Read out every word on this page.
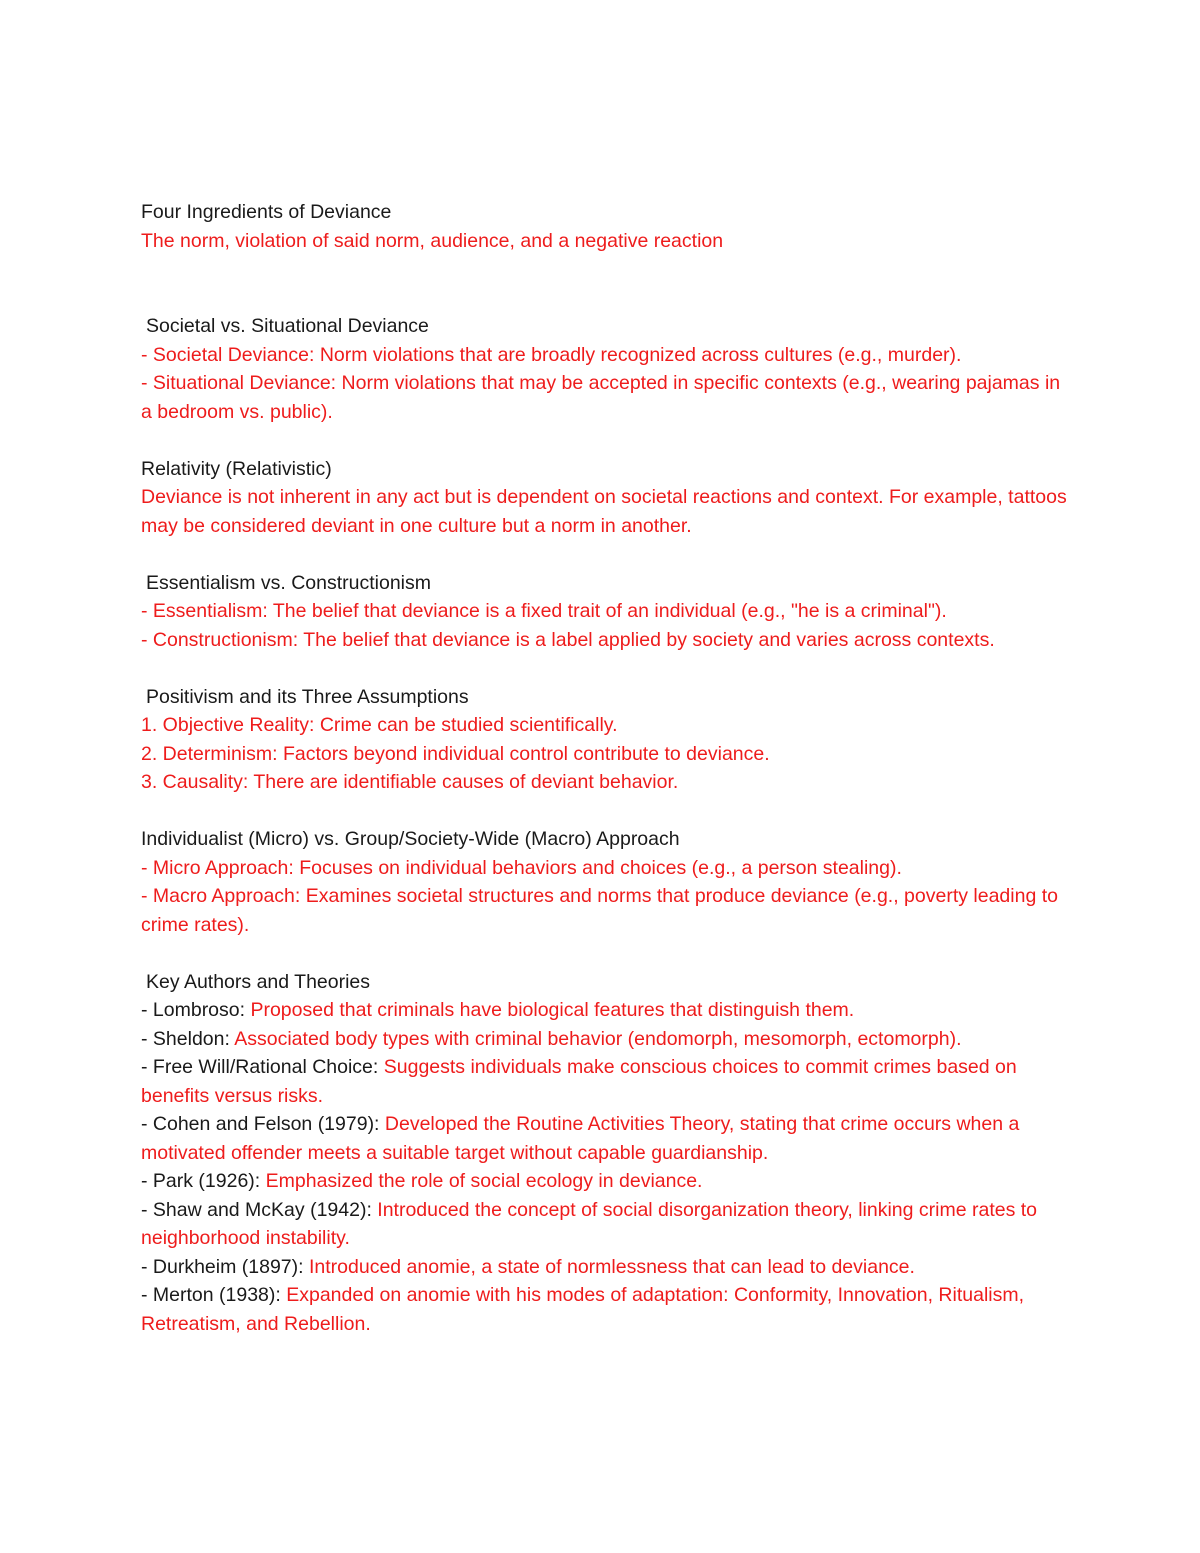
Four Ingredients of Deviance
The norm, violation of said norm, audience, and a negative reaction
Societal vs. Situational Deviance
- Societal Deviance: Norm violations that are broadly recognized across cultures (e.g., murder).
- Situational Deviance: Norm violations that may be accepted in specific contexts (e.g., wearing pajamas in a bedroom vs. public).
Relativity (Relativistic)
Deviance is not inherent in any act but is dependent on societal reactions and context. For example, tattoos may be considered deviant in one culture but a norm in another.
Essentialism vs. Constructionism
- Essentialism: The belief that deviance is a fixed trait of an individual (e.g., "he is a criminal").
- Constructionism: The belief that deviance is a label applied by society and varies across contexts.
Positivism and its Three Assumptions
1. Objective Reality: Crime can be studied scientifically.
2. Determinism: Factors beyond individual control contribute to deviance.
3. Causality: There are identifiable causes of deviant behavior.
Individualist (Micro) vs. Group/Society-Wide (Macro) Approach
- Micro Approach: Focuses on individual behaviors and choices (e.g., a person stealing).
- Macro Approach: Examines societal structures and norms that produce deviance (e.g., poverty leading to crime rates).
Key Authors and Theories
- Lombroso: Proposed that criminals have biological features that distinguish them.
- Sheldon: Associated body types with criminal behavior (endomorph, mesomorph, ectomorph).
- Free Will/Rational Choice: Suggests individuals make conscious choices to commit crimes based on benefits versus risks.
- Cohen and Felson (1979): Developed the Routine Activities Theory, stating that crime occurs when a motivated offender meets a suitable target without capable guardianship.
- Park (1926): Emphasized the role of social ecology in deviance.
- Shaw and McKay (1942): Introduced the concept of social disorganization theory, linking crime rates to neighborhood instability.
- Durkheim (1897): Introduced anomie, a state of normlessness that can lead to deviance.
- Merton (1938): Expanded on anomie with his modes of adaptation: Conformity, Innovation, Ritualism, Retreatism, and Rebellion.
